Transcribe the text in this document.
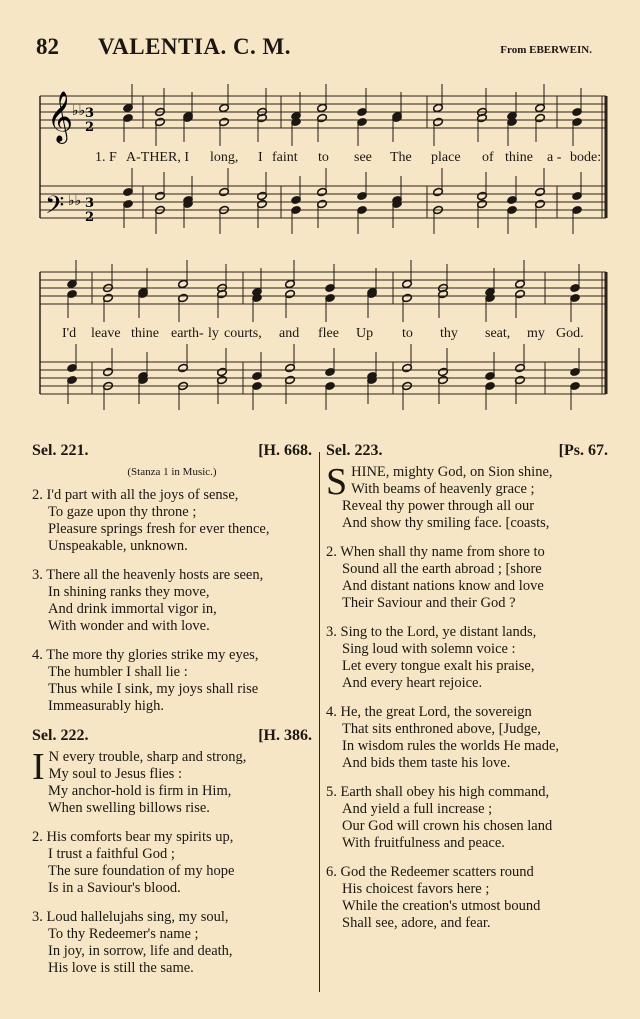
82 VALENTIA. C. M.	From EBERWEIN.
𝄞
𝄢
3
2
3
2
♭♭
♭♭
1. F A-THER, I long, I faint to see The place of thine a - bode:
I'd leave thine earth- ly courts, and flee Up to thy seat, my God.
Sel. 221.	[H. 668.
(Stanza 1 in Music.)
2. I'd part with all the joys of sense,
To gaze upon thy throne ;
Pleasure springs fresh for ever thence,
Unspeakable, unknown.
3. There all the heavenly hosts are seen,
In shining ranks they move,
And drink immortal vigor in,
With wonder and with love.
4. The more thy glories strike my eyes,
The humbler I shall lie :
Thus while I sink, my joys shall rise
Immeasurably high.
Sel. 222.	[H. 386.
I N every trouble, sharp and strong,
My soul to Jesus flies :
My anchor-hold is firm in Him,
When swelling billows rise.
2. His comforts bear my spirits up,
I trust a faithful God ;
The sure foundation of my hope
Is in a Saviour's blood.
3. Loud hallelujahs sing, my soul,
To thy Redeemer's name ;
In joy, in sorrow, life and death,
His love is still the same.
Sel. 223.	[Ps. 67.
S HINE, mighty God, on Sion shine,
With beams of heavenly grace ;
Reveal thy power through all our
And show thy smiling face. [coasts,
2. When shall thy name from shore to
Sound all the earth abroad ; [shore
And distant nations know and love
Their Saviour and their God ?
3. Sing to the Lord, ye distant lands,
Sing loud with solemn voice :
Let every tongue exalt his praise,
And every heart rejoice.
4. He, the great Lord, the sovereign
That sits enthroned above, [Judge,
In wisdom rules the worlds He made,
And bids them taste his love.
5. Earth shall obey his high command,
And yield a full increase ;
Our God will crown his chosen land
With fruitfulness and peace.
6. God the Redeemer scatters round
His choicest favors here ;
While the creation's utmost bound
Shall see, adore, and fear.
